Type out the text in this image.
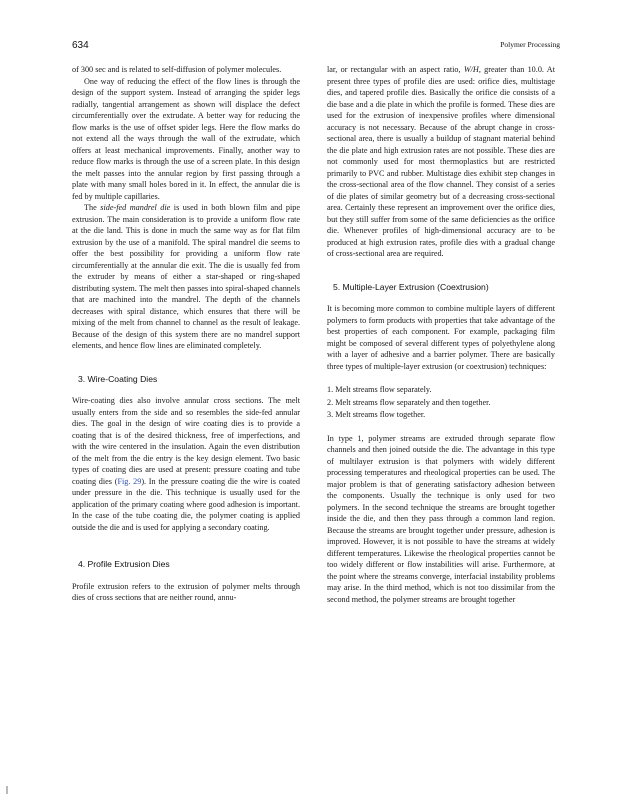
634	Polymer Processing

of 300 sec and is related to self-diffusion of polymer molecules.

One way of reducing the effect of the flow lines is through the design of the support system. Instead of arranging the spider legs radially, tangential arrangement as shown will displace the defect circumferentially over the extrudate. A better way for reducing the flow marks is the use of offset spider legs. Here the flow marks do not extend all the ways through the wall of the extrudate, which offers at least mechanical improvements. Finally, another way to reduce flow marks is through the use of a screen plate. In this design the melt passes into the annular region by first passing through a plate with many small holes bored in it. In effect, the annular die is fed by multiple capillaries.

The side-fed mandrel die is used in both blown film and pipe extrusion. The main consideration is to provide a uniform flow rate at the die land. This is done in much the same way as for flat film extrusion by the use of a manifold. The spiral mandrel die seems to offer the best possibility for providing a uniform flow rate circumferentially at the annular die exit. The die is usually fed from the extruder by means of either a star-shaped or ring-shaped distributing system. The melt then passes into spiral-shaped channels that are machined into the mandrel. The depth of the channels decreases with spiral distance, which ensures that there will be mixing of the melt from channel to channel as the result of leakage. Because of the design of this system there are no mandrel support elements, and hence flow lines are eliminated completely.

3. Wire-Coating Dies

Wire-coating dies also involve annular cross sections. The melt usually enters from the side and so resembles the side-fed annular dies. The goal in the design of wire coating dies is to provide a coating that is of the desired thickness, free of imperfections, and with the wire centered in the insulation. Again the even distribution of the melt from the die entry is the key design element. Two basic types of coating dies are used at present: pressure coating and tube coating dies (Fig. 29). In the pressure coating die the wire is coated under pressure in the die. This technique is usually used for the application of the primary coating where good adhesion is important. In the case of the tube coating die, the polymer coating is applied outside the die and is used for applying a secondary coating.

4. Profile Extrusion Dies

Profile extrusion refers to the extrusion of polymer melts through dies of cross sections that are neither round, annu-

lar, or rectangular with an aspect ratio, W/H, greater than 10.0. At present three types of profile dies are used: orifice dies, multistage dies, and tapered profile dies. Basically the orifice die consists of a die base and a die plate in which the profile is formed. These dies are used for the extrusion of inexpensive profiles where dimensional accuracy is not necessary. Because of the abrupt change in cross-sectional area, there is usually a buildup of stagnant material behind the die plate and high extrusion rates are not possible. These dies are not commonly used for most thermoplastics but are restricted primarily to PVC and rubber. Multistage dies exhibit step changes in the cross-sectional area of the flow channel. They consist of a series of die plates of similar geometry but of a decreasing cross-sectional area. Certainly these represent an improvement over the orifice dies, but they still suffer from some of the same deficiencies as the orifice die. Whenever profiles of high-dimensional accuracy are to be produced at high extrusion rates, profile dies with a gradual change of cross-sectional area are required.

5. Multiple-Layer Extrusion (Coextrusion)

It is becoming more common to combine multiple layers of different polymers to form products with properties that take advantage of the best properties of each component. For example, packaging film might be composed of several different types of polyethylene along with a layer of adhesive and a barrier polymer. There are basically three types of multiple-layer extrusion (or coextrusion) techniques:

1. Melt streams flow separately.
2. Melt streams flow separately and then together.
3. Melt streams flow together.

In type 1, polymer streams are extruded through separate flow channels and then joined outside the die. The advantage in this type of multilayer extrusion is that polymers with widely different processing temperatures and rheological properties can be used. The major problem is that of generating satisfactory adhesion between the components. Usually the technique is only used for two polymers. In the second technique the streams are brought together inside the die, and then they pass through a common land region. Because the streams are brought together under pressure, adhesion is improved. However, it is not possible to have the streams at widely different temperatures. Likewise the rheological properties cannot be too widely different or flow instabilities will arise. Furthermore, at the point where the streams converge, interfacial instability problems may arise. In the third method, which is not too dissimilar from the second method, the polymer streams are brought together
